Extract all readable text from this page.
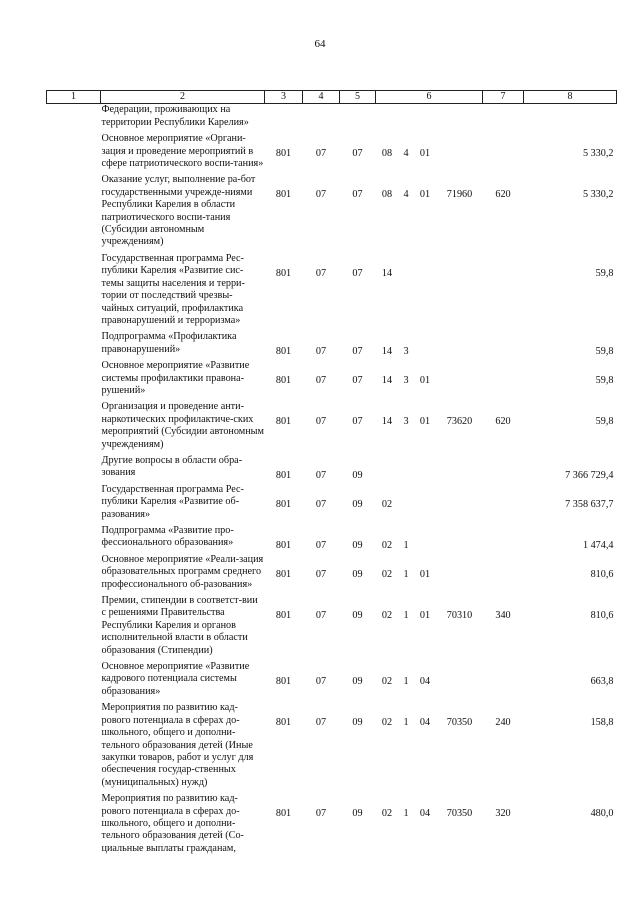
64
1	2	3	4	5	6				7	8
	Федерации, проживающих на территории Республики Карелия»									
	Основное мероприятие «Органи-зация и проведение мероприятий в сфере патриотического воспи-тания»	801	07	07	08	4	01			5 330,2
	Оказание услуг, выполнение ра-бот государственными учрежде-ниями Республики Карелия в области патриотического воспи-тания (Субсидии автономным учреждениям)	801	07	07	08	4	01	71960	620	5 330,2
	Государственная программа Рес-публики Карелия «Развитие сис-темы защиты населения и терри-тории от последствий чрезвы-чайных ситуаций, профилактика правонарушений и терроризма»	801	07	07	14					59,8
	Подпрограмма «Профилактика правонарушений»	801	07	07	14	3				59,8
	Основное мероприятие «Развитие системы профилактики правона-рушений»	801	07	07	14	3	01			59,8
	Организация и проведение анти-наркотических профилактиче-ских мероприятий (Субсидии автономным учреждениям)	801	07	07	14	3	01	73620	620	59,8
	Другие вопросы в области обра-зования	801	07	09						7 366 729,4
	Государственная программа Рес-публики Карелия «Развитие об-разования»	801	07	09	02					7 358 637,7
	Подпрограмма «Развитие про-фессионального образования»	801	07	09	02	1				1 474,4
	Основное мероприятие «Реали-зация образовательных программ среднего профессионального об-разования»	801	07	09	02	1	01			810,6
	Премии, стипендии в соответст-вии с решениями Правительства Республики Карелия и органов исполнительной власти в области образования (Стипендии)	801	07	09	02	1	01	70310	340	810,6
	Основное мероприятие «Развитие кадрового потенциала системы образования»	801	07	09	02	1	04			663,8
	Мероприятия по развитию кад-рового потенциала в сферах до-школьного, общего и дополни-тельного образования детей (Иные закупки товаров, работ и услуг для обеспечения государ-ственных (муниципальных) нужд)	801	07	09	02	1	04	70350	240	158,8
	Мероприятия по развитию кад-рового потенциала в сферах до-школьного, общего и дополни-тельного образования детей (Со-циальные выплаты гражданам,	801	07	09	02	1	04	70350	320	480,0
